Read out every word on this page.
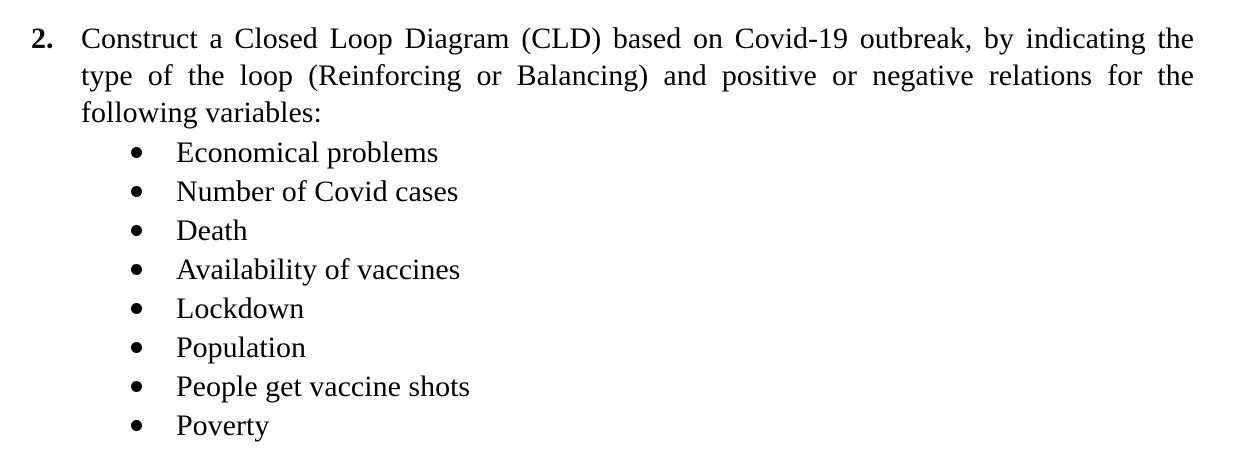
2. Construct a Closed Loop Diagram (CLD) based on Covid-19 outbreak, by indicating the type of the loop (Reinforcing or Balancing) and positive or negative relations for the following variables:
Economical problems
Number of Covid cases
Death
Availability of vaccines
Lockdown
Population
People get vaccine shots
Poverty
